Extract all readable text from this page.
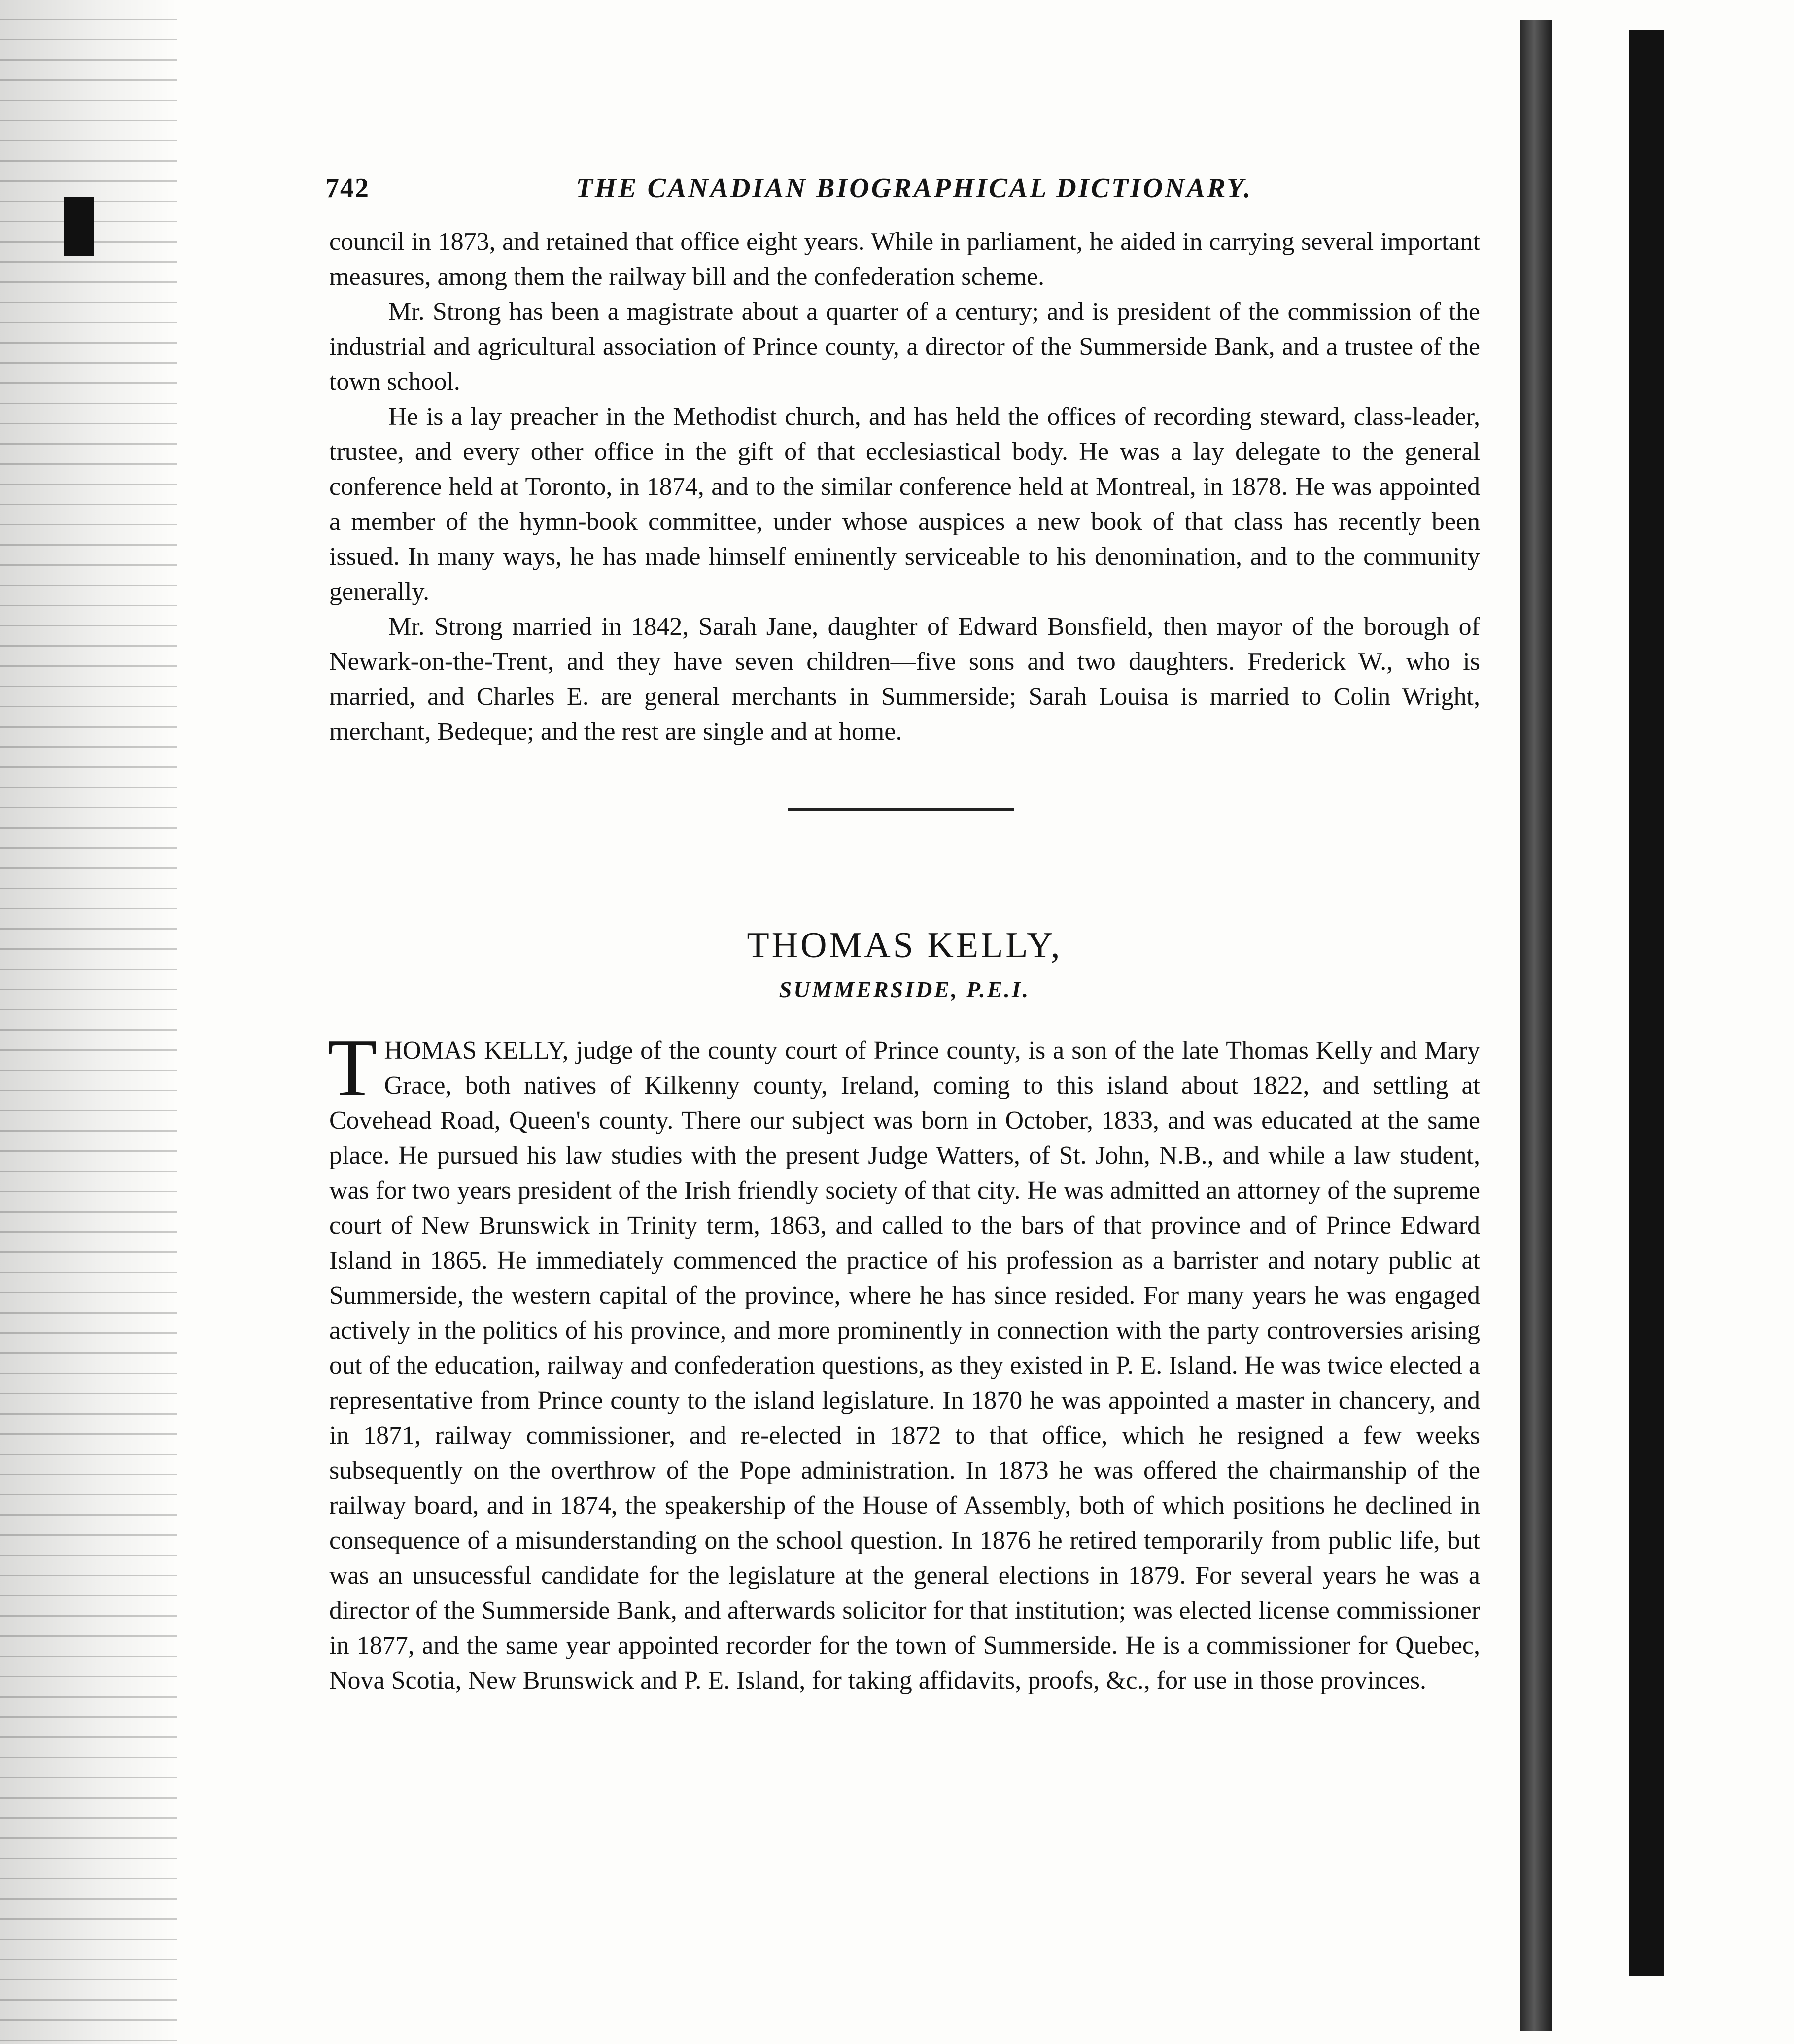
742	THE CANADIAN BIOGRAPHICAL DICTIONARY.

council in 1873, and retained that office eight years. While in parliament, he aided in carrying several important measures, among them the railway bill and the confederation scheme.

Mr. Strong has been a magistrate about a quarter of a century; and is president of the commission of the industrial and agricultural association of Prince county, a director of the Summerside Bank, and a trustee of the town school.

He is a lay preacher in the Methodist church, and has held the offices of recording steward, class-leader, trustee, and every other office in the gift of that ecclesiastical body. He was a lay delegate to the general conference held at Toronto, in 1874, and to the similar conference held at Montreal, in 1878. He was appointed a member of the hymn-book committee, under whose auspices a new book of that class has recently been issued. In many ways, he has made himself eminently serviceable to his denomination, and to the community generally.

Mr. Strong married in 1842, Sarah Jane, daughter of Edward Bonsfield, then mayor of the borough of Newark-on-the-Trent, and they have seven children—five sons and two daughters. Frederick W., who is married, and Charles E. are general merchants in Summerside; Sarah Louisa is married to Colin Wright, merchant, Bedeque; and the rest are single and at home.

THOMAS KELLY,
SUMMERSIDE, P.E.I.

THOMAS KELLY, judge of the county court of Prince county, is a son of the late Thomas Kelly and Mary Grace, both natives of Kilkenny county, Ireland, coming to this island about 1822, and settling at Covehead Road, Queen's county. There our subject was born in October, 1833, and was educated at the same place. He pursued his law studies with the present Judge Watters, of St. John, N.B., and while a law student, was for two years president of the Irish friendly society of that city. He was admitted an attorney of the supreme court of New Brunswick in Trinity term, 1863, and called to the bars of that province and of Prince Edward Island in 1865. He immediately commenced the practice of his profession as a barrister and notary public at Summerside, the western capital of the province, where he has since resided. For many years he was engaged actively in the politics of his province, and more prominently in connection with the party controversies arising out of the education, railway and confederation questions, as they existed in P. E. Island. He was twice elected a representative from Prince county to the island legislature. In 1870 he was appointed a master in chancery, and in 1871, railway commissioner, and re-elected in 1872 to that office, which he resigned a few weeks subsequently on the overthrow of the Pope administration. In 1873 he was offered the chairmanship of the railway board, and in 1874, the speakership of the House of Assembly, both of which positions he declined in consequence of a misunderstanding on the school question. In 1876 he retired temporarily from public life, but was an unsucessful candidate for the legislature at the general elections in 1879. For several years he was a director of the Summerside Bank, and afterwards solicitor for that institution; was elected license commissioner in 1877, and the same year appointed recorder for the town of Summerside. He is a commissioner for Quebec, Nova Scotia, New Brunswick and P. E. Island, for taking affidavits, proofs, &c., for use in those provinces.
